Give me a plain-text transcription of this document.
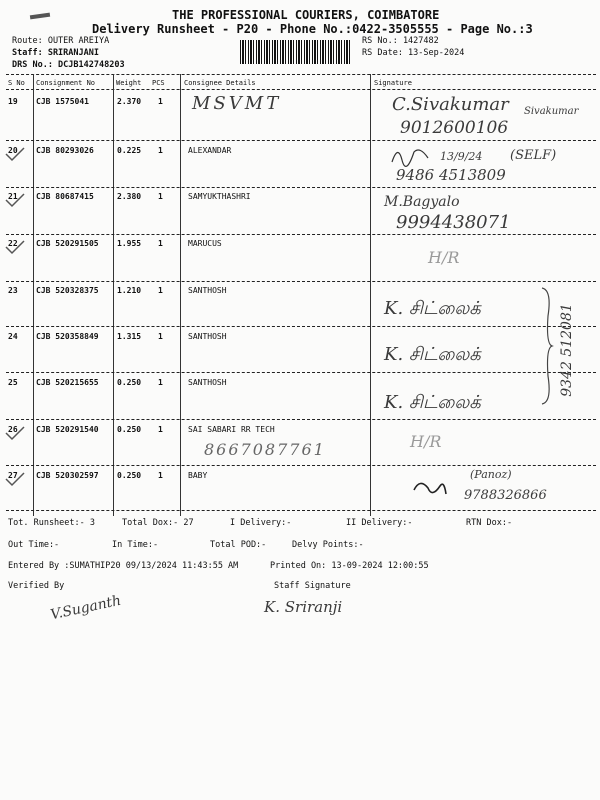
THE PROFESSIONAL COURIERS, COIMBATORE
Delivery Runsheet - P20 - Phone No.:0422-3505555 - Page No.:3
Route: OUTER AREIYA
Staff: SRIRANJANI
DRS No.: DCJB142748203
RS No.: 1427482
RS Date: 13-Sep-2024
S No Consignment No	Weight PCS	Consignee Details	Signature
19 CJB 1575041	2.370 1 MSVMT	C.Sivakumar Sivakumar
9012600106
20 CJB 80293026	0.225 1	ALEXANDAR	13/9/24 (SELF)
9486 4513809
21 CJB 80687415	2.380 1	SAMYUKTHASHRI	M.Bagyalo
9994438071
22 CJB 520291505 1.955 1	MARUCUS
H/R
23 CJB 520328375 1.210 1	SANTHOSH
K. சிட்லைக்
24 CJB 520358849 1.315 1	SANTHOSH
K. சிட்லைக்
25 CJB 520215655 0.250 1	SANTHOSH
K. சிட்லைக்
9342 512081
26 CJB 520291540 0.250 1	SAI SABARI RR TECH
8667087761	H/R
27 CJB 520302597 0.250 1	BABY	(Panoz)
9788326866
Tot. Runsheet:- 3	Total Dox:- 27	I Delivery:-	II Delivery:-	RTN Dox:-
Out Time:-	In Time:-	Total POD:-	Delvy Points:-
Entered By :SUMATHIP20 09/13/2024 11:43:55 AM	Printed On: 13-09-2024 12:00:55
Verified By	Staff Signature
V.Suganth	K. Sriranji
